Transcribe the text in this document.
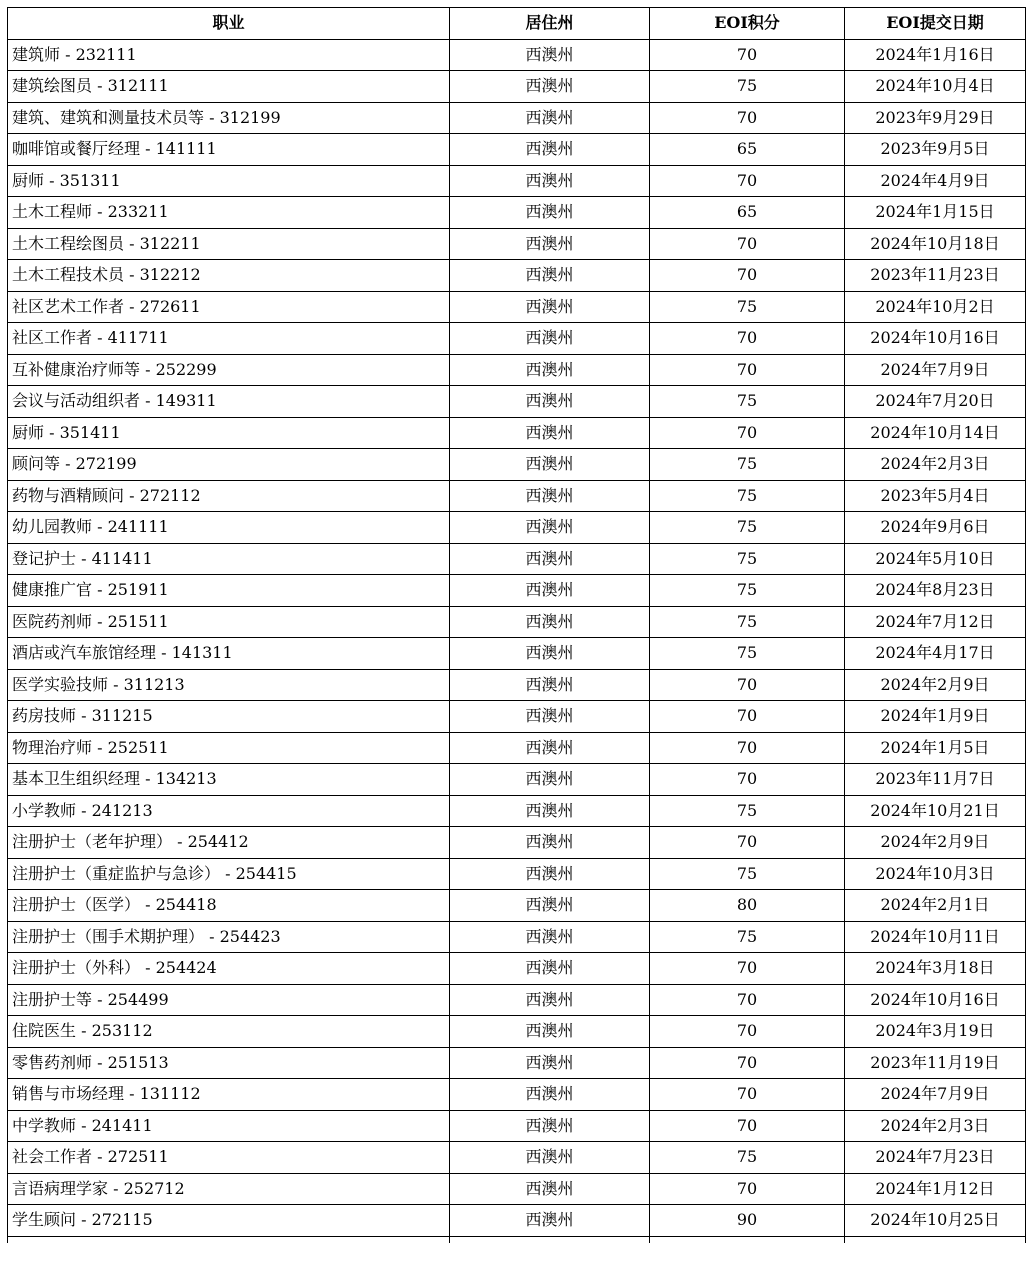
职业	居住州	EOI积分	EOI提交日期
建筑师 - 232111	西澳州	70	2024年1月16日
建筑绘图员 - 312111	西澳州	75	2024年10月4日
建筑、建筑和测量技术员等 - 312199	西澳州	70	2023年9月29日
咖啡馆或餐厅经理 - 141111	西澳州	65	2023年9月5日
厨师 - 351311	西澳州	70	2024年4月9日
土木工程师 - 233211	西澳州	65	2024年1月15日
土木工程绘图员 - 312211	西澳州	70	2024年10月18日
土木工程技术员 - 312212	西澳州	70	2023年11月23日
社区艺术工作者 - 272611	西澳州	75	2024年10月2日
社区工作者 - 411711	西澳州	70	2024年10月16日
互补健康治疗师等 - 252299	西澳州	70	2024年7月9日
会议与活动组织者 - 149311	西澳州	75	2024年7月20日
厨师 - 351411	西澳州	70	2024年10月14日
顾问等 - 272199	西澳州	75	2024年2月3日
药物与酒精顾问 - 272112	西澳州	75	2023年5月4日
幼儿园教师 - 241111	西澳州	75	2024年9月6日
登记护士 - 411411	西澳州	75	2024年5月10日
健康推广官 - 251911	西澳州	75	2024年8月23日
医院药剂师 - 251511	西澳州	75	2024年7月12日
酒店或汽车旅馆经理 - 141311	西澳州	75	2024年4月17日
医学实验技师 - 311213	西澳州	70	2024年2月9日
药房技师 - 311215	西澳州	70	2024年1月9日
物理治疗师 - 252511	西澳州	70	2024年1月5日
基本卫生组织经理 - 134213	西澳州	70	2023年11月7日
小学教师 - 241213	西澳州	75	2024年10月21日
注册护士（老年护理） - 254412	西澳州	70	2024年2月9日
注册护士（重症监护与急诊） - 254415	西澳州	75	2024年10月3日
注册护士（医学） - 254418	西澳州	80	2024年2月1日
注册护士（围手术期护理） - 254423	西澳州	75	2024年10月11日
注册护士（外科） - 254424	西澳州	70	2024年3月18日
注册护士等 - 254499	西澳州	70	2024年10月16日
住院医生 - 253112	西澳州	70	2024年3月19日
零售药剂师 - 251513	西澳州	70	2023年11月19日
销售与市场经理 - 131112	西澳州	70	2024年7月9日
中学教师 - 241411	西澳州	70	2024年2月3日
社会工作者 - 272511	西澳州	75	2024年7月23日
言语病理学家 - 252712	西澳州	70	2024年1月12日
学生顾问 - 272115	西澳州	90	2024年10月25日
